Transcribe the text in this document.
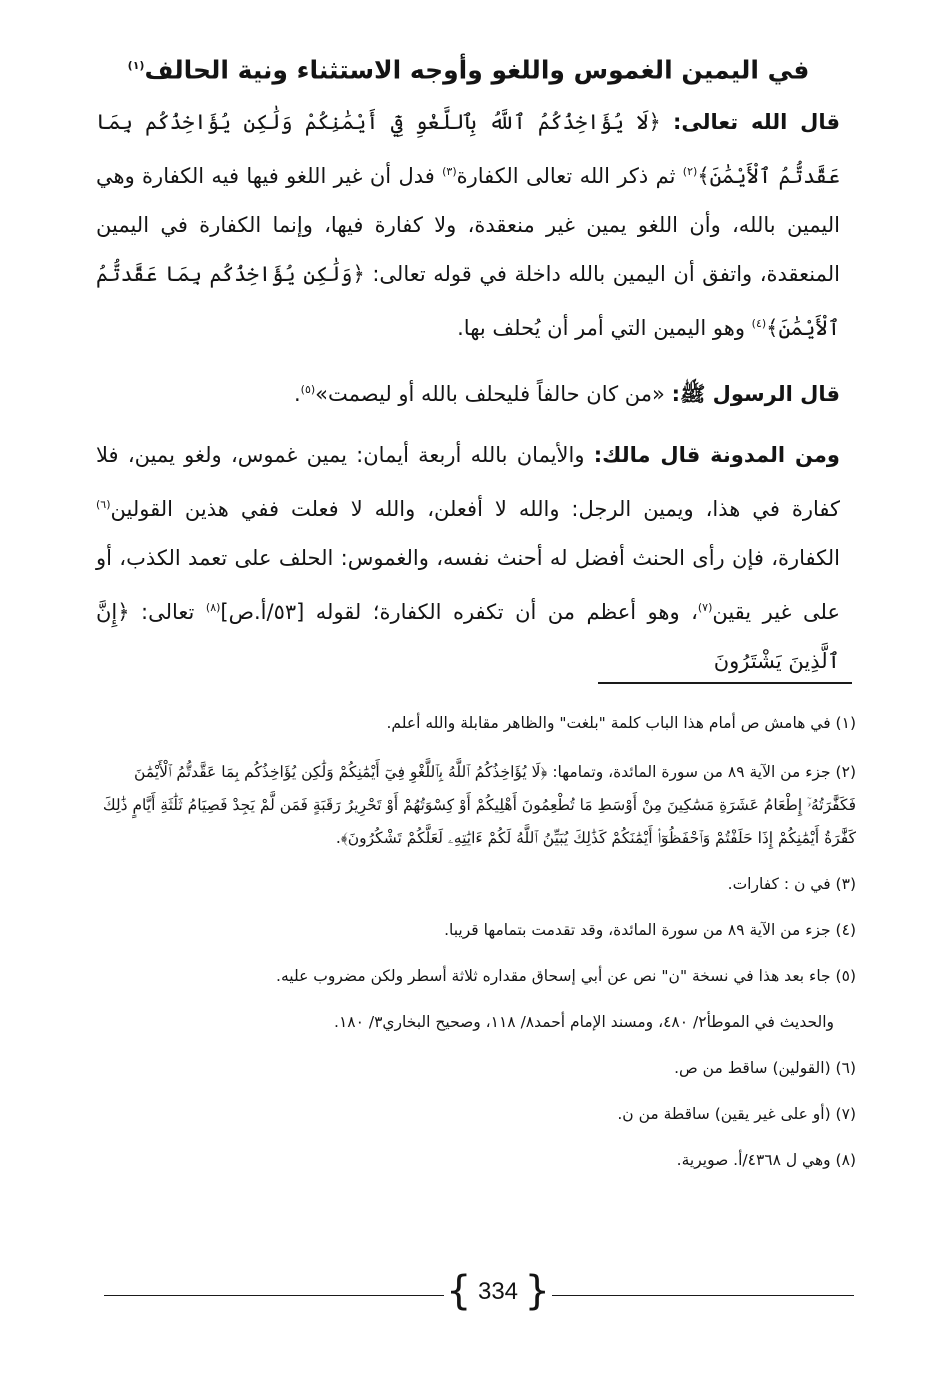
في اليمين الغموس واللغو وأوجه الاستثناء ونية الحالف$^{(١)}$

قال الله تعالى: ﴿لَا يُؤَاخِذُكُمُ ٱللَّهُ بِٱللَّغْوِ فِيٓ أَيْمَٰنِكُمْ وَلَٰكِن يُؤَاخِذُكُم بِمَا عَقَّدتُّمُ ٱلْأَيْمَٰنَ﴾$^{(٢)}$ ثم ذكر الله تعالى الكفارة$^{(٣)}$ فدل أن غير اللغو فيها فيه الكفارة وهي اليمين بالله، وأن اللغو يمين غير منعقدة، ولا كفارة فيها، وإنما الكفارة في اليمين المنعقدة، واتفق أن اليمين بالله داخلة في قوله تعالى: ﴿وَلَٰكِن يُؤَاخِذُكُم بِمَا عَقَّدتُّمُ ٱلْأَيْمَٰنَ﴾$^{(٤)}$ وهو اليمين التي أمر أن يُحلف بها.

قال الرسول ﷺ: «من كان حالفاً فليحلف بالله أو ليصمت»$^{(٥)}$.

ومن المدونة قال مالك: والأيمان بالله أربعة أيمان: يمين غموس، ولغو يمين، فلا كفارة في هذا، ويمين الرجل: والله لا أفعلن، والله لا فعلت ففي هذين القولين$^{(٦)}$ الكفارة، فإن رأى الحنث أفضل له أحنث نفسه، والغموس: الحلف على تعمد الكذب، أو على غير يقين$^{(٧)}$، وهو أعظم من أن تكفره الكفارة؛ لقوله [٥٣/أ.ص]$^{(٨)}$ تعالى: ﴿إِنَّ ٱلَّذِينَ يَشْتَرُونَ

(١) في هامش ص أمام هذا الباب كلمة "بلغت" والظاهر مقابلة والله أعلم.
(٢) جزء من الآية ٨٩ من سورة المائدة، وتمامها: ﴿لَا يُؤَاخِذُكُمُ ٱللَّهُ بِٱللَّغْوِ فِيٓ أَيْمَٰنِكُمْ وَلَٰكِن يُؤَاخِذُكُم بِمَا عَقَّدتُّمُ ٱلْأَيْمَٰنَ فَكَفَّٰرَتُهُۥٓ إِطْعَامُ عَشَرَةِ مَسَٰكِينَ مِنْ أَوْسَطِ مَا تُطْعِمُونَ أَهْلِيكُمْ أَوْ كِسْوَتُهُمْ أَوْ تَحْرِيرُ رَقَبَةٍ فَمَن لَّمْ يَجِدْ فَصِيَامُ ثَلَٰثَةِ أَيَّامٍ ذَٰلِكَ كَفَّٰرَةُ أَيْمَٰنِكُمْ إِذَا حَلَفْتُمْ وَٱحْفَظُوٓا۟ أَيْمَٰنَكُمْ كَذَٰلِكَ يُبَيِّنُ ٱللَّهُ لَكُمْ ءَايَٰتِهِۦ لَعَلَّكُمْ تَشْكُرُونَ﴾.
(٣) في ن : كفارات.
(٤) جزء من الآية ٨٩ من سورة المائدة، وقد تقدمت بتمامها قريبا.
(٥) جاء بعد هذا في نسخة "ن" نص عن أبي إسحاق مقداره ثلاثة أسطر ولكن مضروب عليه.
والحديث في الموطأ٢/ ٤٨٠، ومسند الإمام أحمد٨/ ١١٨، وصحيح البخاري٣/ ١٨٠.
(٦) (القولين) ساقط من ص.
(٧) (أو على غير يقين) ساقطة من ن.
(٨) وهي ل ٤٣٦٨/أ. صويرية.
{ 334 }
